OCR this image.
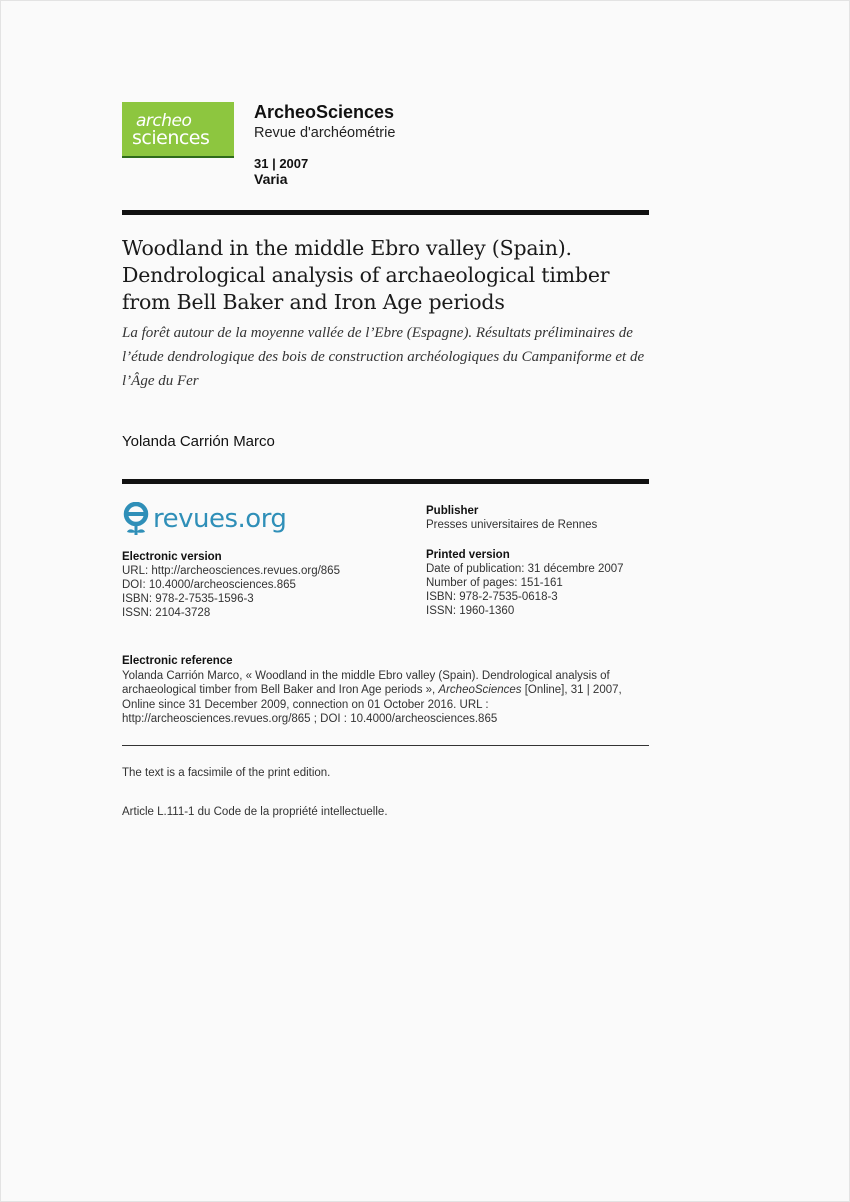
archeo
sciences
ArcheoSciences
Revue d'archéométrie
31 | 2007
Varia
Woodland in the middle Ebro valley (Spain). Dendrological analysis of archaeological timber from Bell Baker and Iron Age periods
La forêt autour de la moyenne vallée de l’Ebre (Espagne). Résultats préliminaires de l’étude dendrologique des bois de construction archéologiques du Campaniforme et de l’Âge du Fer
Yolanda Carrión Marco
revues.org	Publisher
Presses universitaires de Rennes
Electronic version
URL: http://archeosciences.revues.org/865
DOI: 10.4000/archeosciences.865
ISBN: 978-2-7535-1596-3
ISSN: 2104-3728
Printed version
Date of publication: 31 décembre 2007
Number of pages: 151-161
ISBN: 978-2-7535-0618-3
ISSN: 1960-1360
Electronic reference
Yolanda Carrión Marco, « Woodland in the middle Ebro valley (Spain). Dendrological analysis of archaeological timber from Bell Baker and Iron Age periods », ArcheoSciences [Online], 31 | 2007, Online since 31 December 2009, connection on 01 October 2016. URL : http://archeosciences.revues.org/865 ; DOI : 10.4000/archeosciences.865
The text is a facsimile of the print edition.
Article L.111-1 du Code de la propriété intellectuelle.
